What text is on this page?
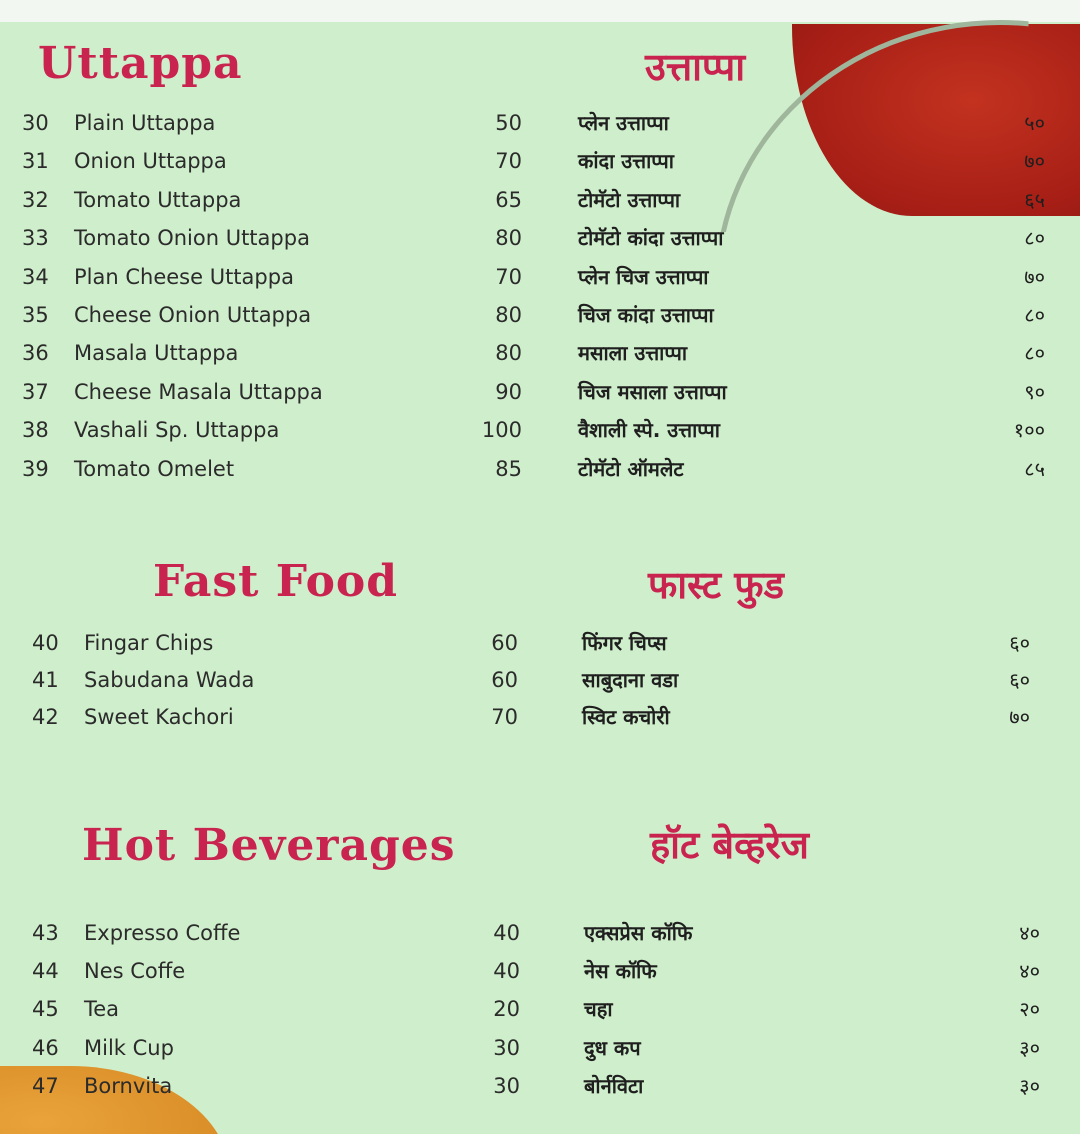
Uttappa	उत्ताप्पा
30 Plain Uttappa	50	प्लेन उत्ताप्पा	५०
31 Onion Uttappa	70	कांदा उत्ताप्पा	७०
32 Tomato Uttappa	65	टोमॅटो उत्ताप्पा	६५
33 Tomato Onion Uttappa	80	टोमॅटो कांदा उत्ताप्पा	८०
34 Plan Cheese Uttappa	70	प्लेन चिज उत्ताप्पा	७०
35 Cheese Onion Uttappa	80	चिज कांदा उत्ताप्पा	८०
36 Masala Uttappa	80	मसाला उत्ताप्पा	८०
37 Cheese Masala Uttappa	90	चिज मसाला उत्ताप्पा	९०
38 Vashali Sp. Uttappa	100	वैशाली स्पे. उत्ताप्पा	१००
39 Tomato Omelet	85	टोमॅटो ऑमलेट	८५
Fast Food	फास्ट फुड
40 Fingar Chips	60	फिंगर चिप्स	६०
41 Sabudana Wada	60	साबुदाना वडा	६०
42 Sweet Kachori	70	स्विट कचोरी	७०
Hot Beverages	हॉट बेव्हरेज
43 Expresso Coffe	40	एक्सप्रेस कॉफि	४०
44 Nes Coffe	40	नेस कॉफि	४०
45 Tea	20	चहा	२०
46 Milk Cup	30	दुध कप	३०
47 Bornvita	30	बोर्नविटा	३०
